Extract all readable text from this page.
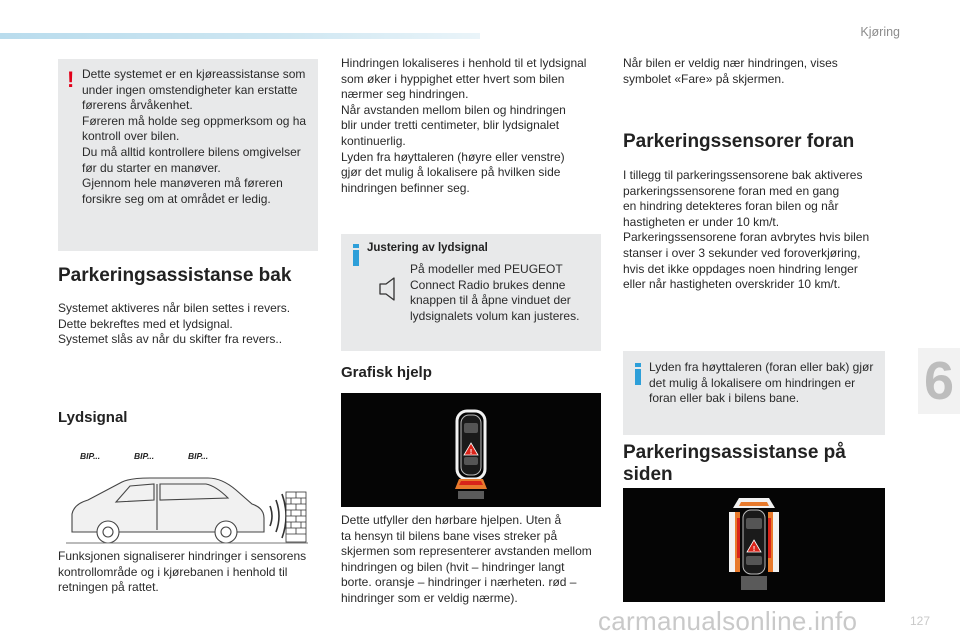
Kjøring
6
127
carmanualsonline.info
! Dette systemet er en kjøreassistanse som
under ingen omstendigheter kan erstatte
førerens årvåkenhet.
Føreren må holde seg oppmerksom og ha
kontroll over bilen.
Du må alltid kontrollere bilens omgivelser
før du starter en manøver.
Gjennom hele manøveren må føreren
forsikre seg om at området er ledig.
Parkeringsassistanse bak
Systemet aktiveres når bilen settes i revers.
Dette bekreftes med et lydsignal.
Systemet slås av når du skifter fra revers..
Lydsignal
BIP...	BIP...	BIP...
Funksjonen signaliserer hindringer i sensorens
kontrollområde og i kjørebanen i henhold til
retningen på rattet.
Hindringen lokaliseres i henhold til et lydsignal
som øker i hyppighet etter hvert som bilen
nærmer seg hindringen.
Når avstanden mellom bilen og hindringen
blir under tretti centimeter, blir lydsignalet
kontinuerlig.
Lyden fra høyttaleren (høyre eller venstre)
gjør det mulig å lokalisere på hvilken side
hindringen befinner seg.
Justering av lydsignal
På modeller med PEUGEOT
Connect Radio brukes denne
knappen til å åpne vinduet der
lydsignalets volum kan justeres.
Grafisk hjelp
!
Dette utfyller den hørbare hjelpen. Uten å
ta hensyn til bilens bane vises streker på
skjermen som representerer avstanden mellom
hindringen og bilen (hvit – hindringer langt
borte. oransje – hindringer i nærheten. rød –
hindringer som er veldig nærme).
Når bilen er veldig nær hindringen, vises
symbolet «Fare» på skjermen.
Parkeringssensorer foran
I tillegg til parkeringssensorene bak aktiveres
parkeringssensorene foran med en gang
en hindring detekteres foran bilen og når
hastigheten er under 10 km/t.
Parkeringssensorene foran avbrytes hvis bilen
stanser i over 3 sekunder ved foroverkjøring,
hvis det ikke oppdages noen hindring lenger
eller når hastigheten overskrider 10 km/t.
Lyden fra høyttaleren (foran eller bak) gjør
det mulig å lokalisere om hindringen er
foran eller bak i bilens bane.
Parkeringsassistanse på
siden
!
